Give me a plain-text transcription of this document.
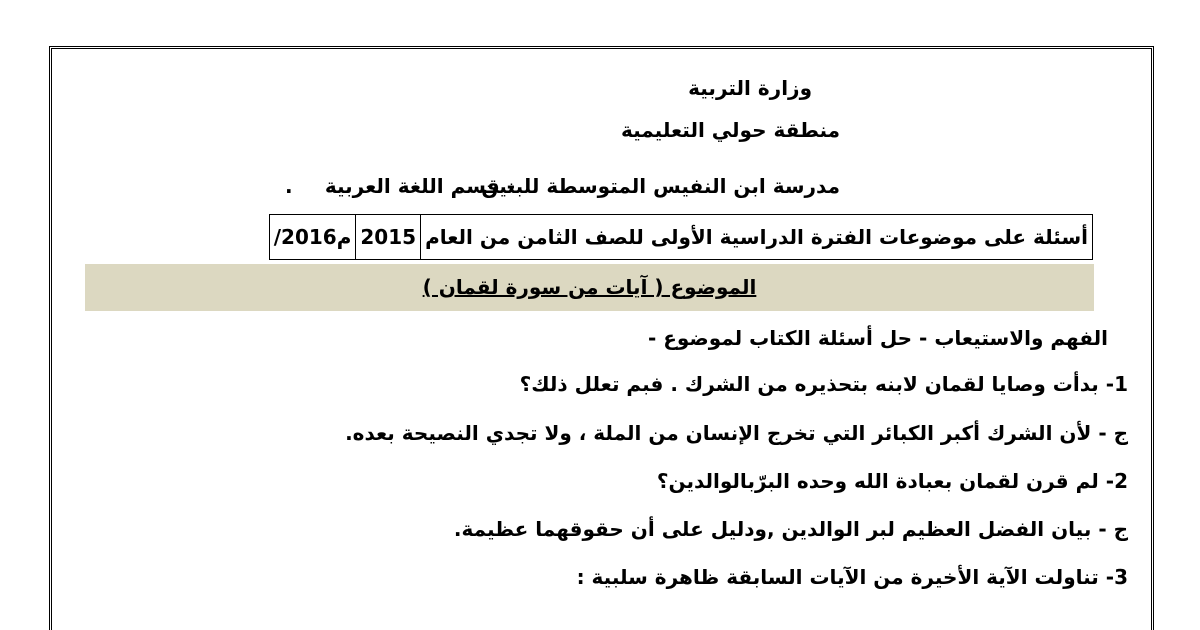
وزارة التربية
منطقة حولي التعليمية
مدرسة ابن النفيس المتوسطة للبنين
- قسم اللغة العربية
.
أسئلة على موضوعات الفترة الدراسية الأولى للصف الثامن من العام
2015
/2016م
الموضوع ( آيات من سورة لقمان )
الفهم والاستيعاب - حل أسئلة الكتاب لموضوع -
1- بدأت وصايا لقمان لابنه بتحذيره من الشرك . فبم تعلل ذلك؟
ج - لأن الشرك أكبر الكبائر التي تخرج الإنسان من الملة ، ولا تجدي النصيحة بعده.
2- لم قرن لقمان بعبادة الله وحده البرّبالوالدين؟
ج - بيان الفضل العظيم لبر الوالدين ,ودليل على أن حقوقهما عظيمة.
3- تناولت الآية الأخيرة من الآيات السابقة ظاهرة سلبية :
